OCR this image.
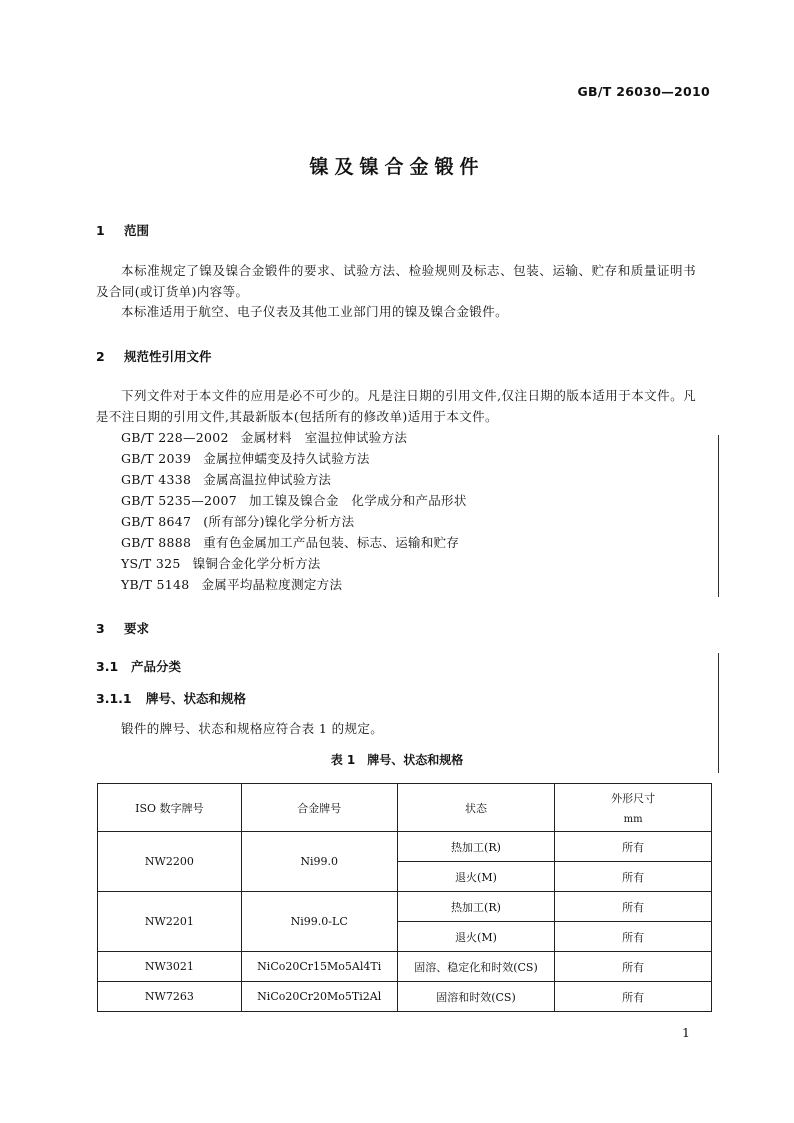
GB/T 26030—2010
镍及镍合金锻件
1 范围
本标准规定了镍及镍合金锻件的要求、试验方法、检验规则及标志、包装、运输、贮存和质量证明书及合同(或订货单)内容等。
本标准适用于航空、电子仪表及其他工业部门用的镍及镍合金锻件。
2 规范性引用文件
下列文件对于本文件的应用是必不可少的。凡是注日期的引用文件,仅注日期的版本适用于本文件。凡是不注日期的引用文件,其最新版本(包括所有的修改单)适用于本文件。
GB/T 228—2002 金属材料　室温拉伸试验方法
GB/T 2039 金属拉伸蠕变及持久试验方法
GB/T 4338 金属高温拉伸试验方法
GB/T 5235—2007 加工镍及镍合金　化学成分和产品形状
GB/T 8647 (所有部分)镍化学分析方法
GB/T 8888 重有色金属加工产品包装、标志、运输和贮存
YS/T 325 镍铜合金化学分析方法
YB/T 5148 金属平均晶粒度测定方法
3 要求
3.1 产品分类
3.1.1 牌号、状态和规格
锻件的牌号、状态和规格应符合表 1 的规定。
表 1　牌号、状态和规格
ISO 数字牌号	合金牌号	状态	外形尺寸
mm

NW2200	Ni99.0	热加工(R)	所有
		退火(M)	所有
NW2201	Ni99.0-LC	热加工(R)	所有
		退火(M)	所有
NW3021	NiCo20Cr15Mo5Al4Ti	固溶、稳定化和时效(CS)	所有
NW7263	NiCo20Cr20Mo5Ti2Al	固溶和时效(CS)	所有
1
